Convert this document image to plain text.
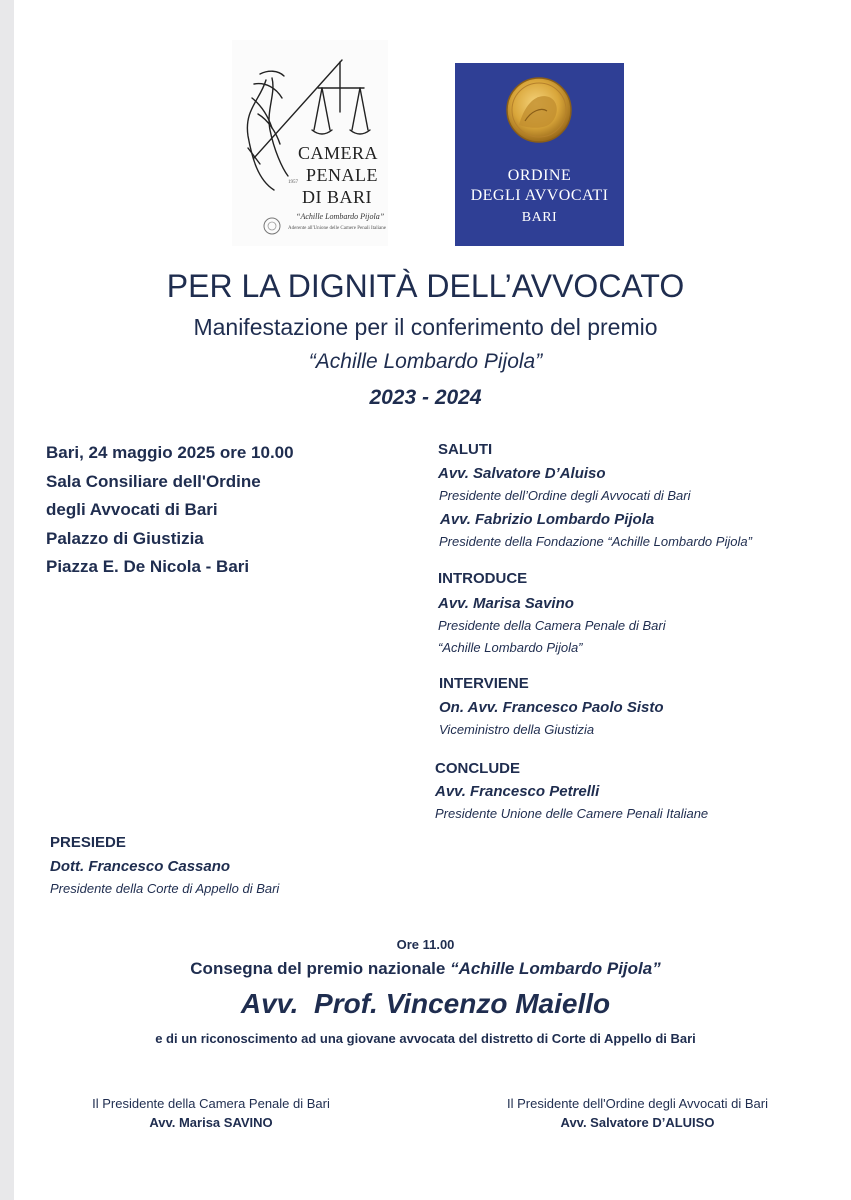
CAMERA
PENALE
DI BARI
1957
“Achille Lombardo Pijola”
Aderente all'Unione delle Camere Penali Italiane
ORDINE
DEGLI AVVOCATI
BARI
PER LA DIGNITÀ DELL’AVVOCATO
Manifestazione per il conferimento del premio
“Achille Lombardo Pijola”
2023 - 2024
Bari, 24 maggio 2025 ore 10.00
Sala Consiliare dell'Ordine
degli Avvocati di Bari
Palazzo di Giustizia
Piazza E. De Nicola - Bari
SALUTI
Avv. Salvatore D’Aluiso
Presidente dell’Ordine degli Avvocati di Bari
Avv. Fabrizio Lombardo Pijola
Presidente della Fondazione “Achille Lombardo Pijola”
INTRODUCE
Avv. Marisa Savino
Presidente della Camera Penale di Bari
“Achille Lombardo Pijola”
INTERVIENE
On. Avv. Francesco Paolo Sisto
Viceministro della Giustizia
CONCLUDE
Avv. Francesco Petrelli
Presidente Unione delle Camere Penali Italiane
PRESIEDE
Dott. Francesco Cassano
Presidente della Corte di Appello di Bari
Ore 11.00
Consegna del premio nazionale “Achille Lombardo Pijola”
Avv.  Prof. Vincenzo Maiello
e di un riconoscimento ad una giovane avvocata del distretto di Corte di Appello di Bari
Il Presidente della Camera Penale di Bari
Avv. Marisa SAVINO
Il Presidente dell'Ordine degli Avvocati di Bari
Avv. Salvatore D’ALUISO
